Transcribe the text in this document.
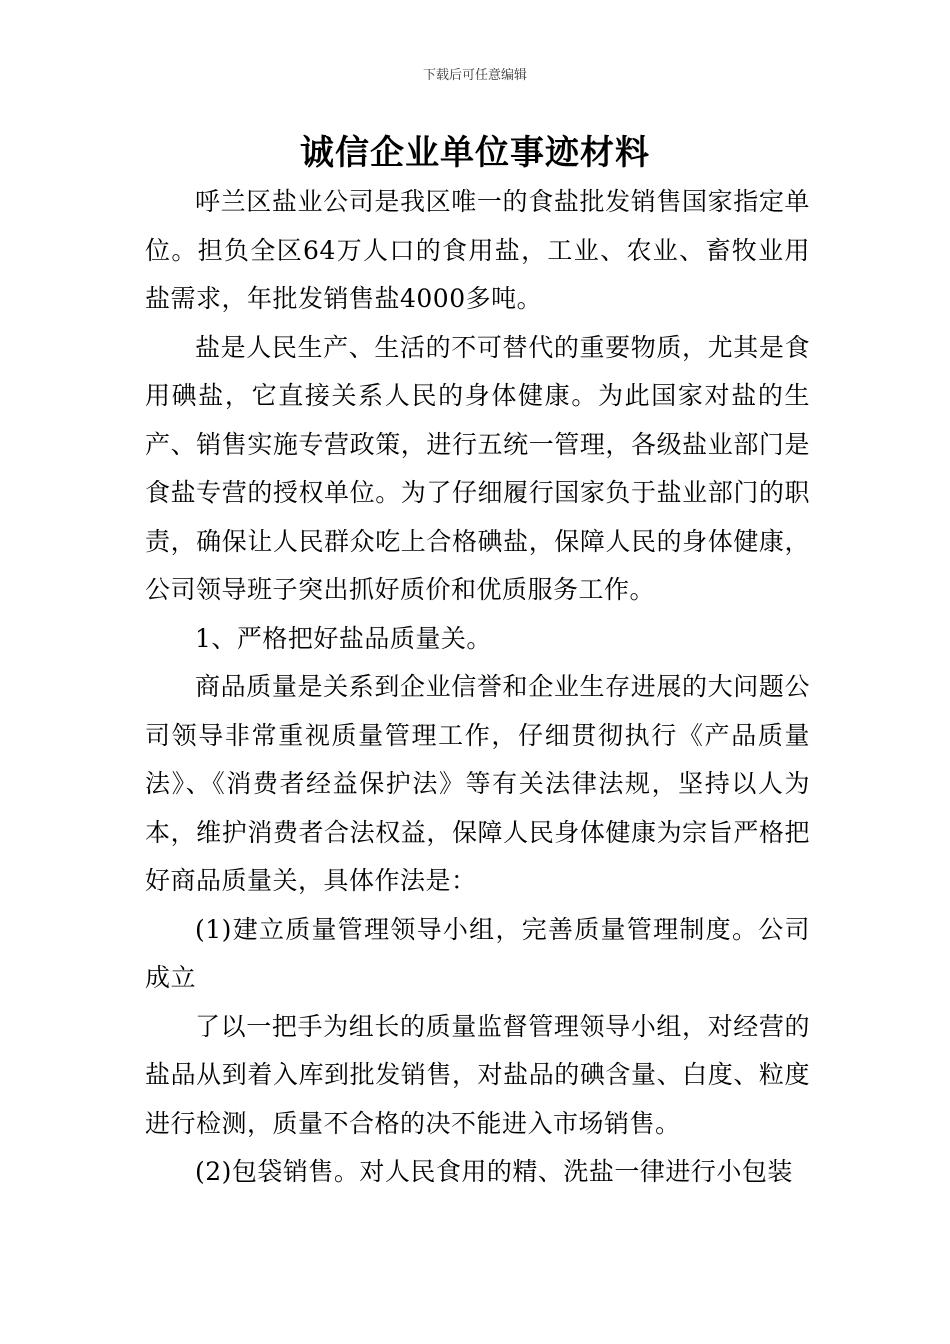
下载后可任意编辑
诚信企业单位事迹材料

呼兰区盐业公司是我区唯一的食盐批发销售国家指定单位。担负全区64万人口的食用盐，工业、农业、畜牧业用盐需求，年批发销售盐4000多吨。

盐是人民生产、生活的不可替代的重要物质，尤其是食用碘盐，它直接关系人民的身体健康。为此国家对盐的生产、销售实施专营政策，进行五统一管理，各级盐业部门是食盐专营的授权单位。为了仔细履行国家负于盐业部门的职责，确保让人民群众吃上合格碘盐，保障人民的身体健康，公司领导班子突出抓好质价和优质服务工作。

1、严格把好盐品质量关。

商品质量是关系到企业信誉和企业生存进展的大问题公司领导非常重视质量管理工作，仔细贯彻执行《产品质量法》、《消费者经益保护法》等有关法律法规，坚持以人为本，维护消费者合法权益，保障人民身体健康为宗旨严格把好商品质量关，具体作法是：

(1)建立质量管理领导小组，完善质量管理制度。公司成立

了以一把手为组长的质量监督管理领导小组，对经营的盐品从到着入库到批发销售，对盐品的碘含量、白度、粒度进行检测，质量不合格的决不能进入市场销售。

(2)包袋销售。对人民食用的精、洗盐一律进行小包装
